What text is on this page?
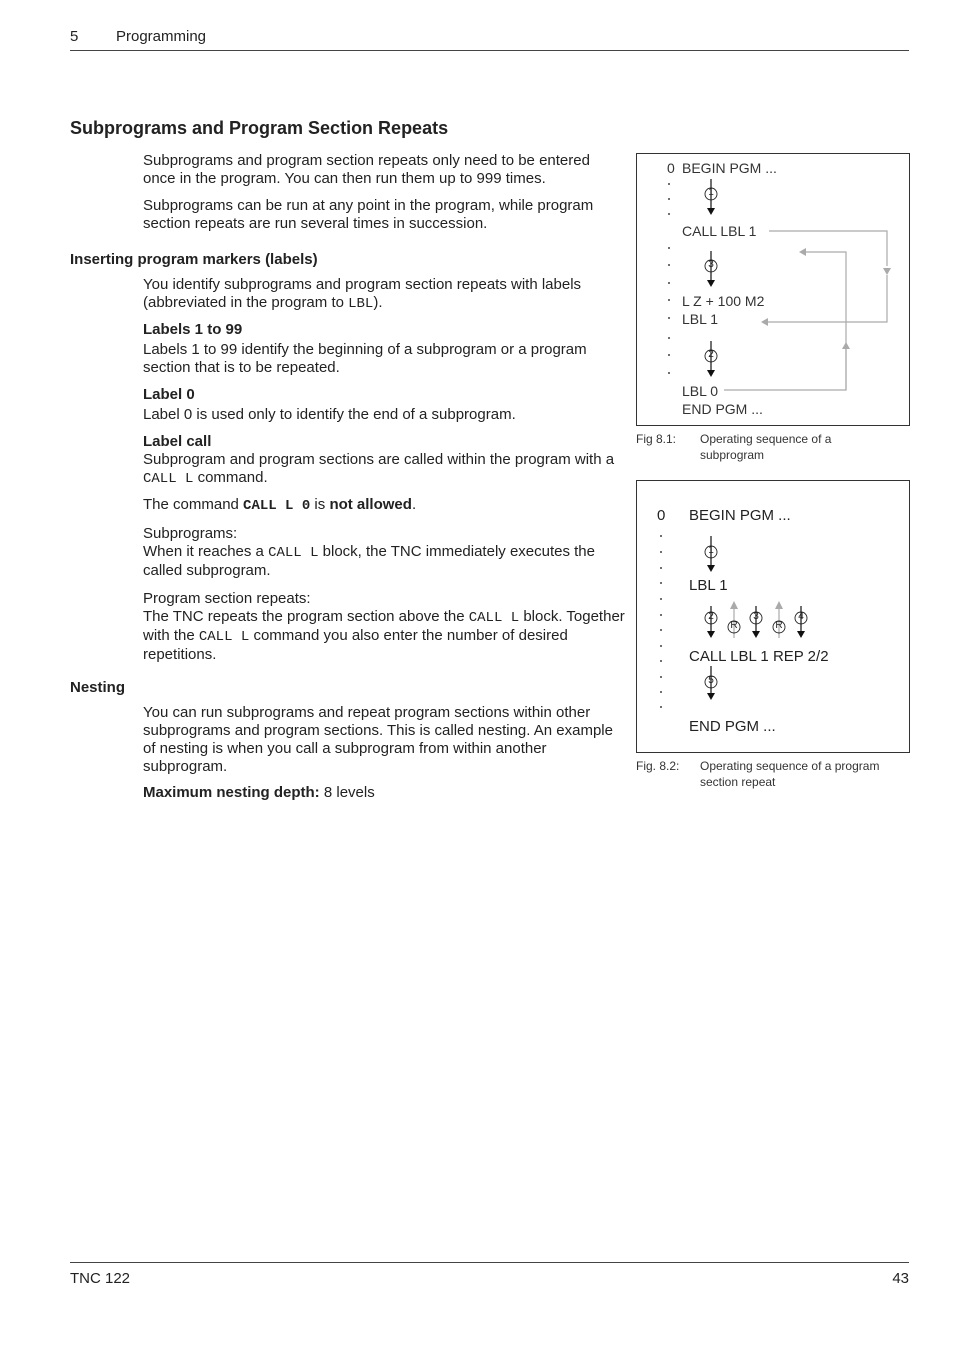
5	Programming
Subprograms and Program Section Repeats
Subprograms and program section repeats only need to be entered once in the program. You can then run them up to 999 times.
Subprograms can be run at any point in the program, while program section repeats are run several times in succession.
Inserting program markers (labels)
You identify subprograms and program section repeats with labels (abbreviated in the program to LBL).
Labels 1 to 99
Labels 1 to 99 identify the beginning of a subprogram or a program section that is to be repeated.
Label 0
Label 0 is used only to identify the end of a subprogram.
Label call
Subprogram and program sections are called within the program with a CALL L command.
The command CALL L 0 is not allowed.
Subprograms:
When it reaches a CALL L block, the TNC immediately executes the called subprogram.
Program section repeats:
The TNC repeats the program section above the CALL L block. Together with the CALL L command you also enter the number of desired repetitions.
Nesting
You can run subprograms and repeat program sections within other subprograms and program sections. This is called nesting. An example of nesting is when you call a subprogram from within another subprogram.
Maximum nesting depth: 8 levels
0 BEGIN PGM ...
CALL LBL 1
L Z + 100 M2
LBL 1
LBL 0
END PGM ...
1
3
2
Fig 8.1: Operating sequence of a subprogram
0 BEGIN PGM ...
LBL 1
CALL LBL 1 REP 2/2
END PGM ...
1
2	3	4
5
R	R
Fig. 8.2: Operating sequence of a program section repeat
TNC 122	43
